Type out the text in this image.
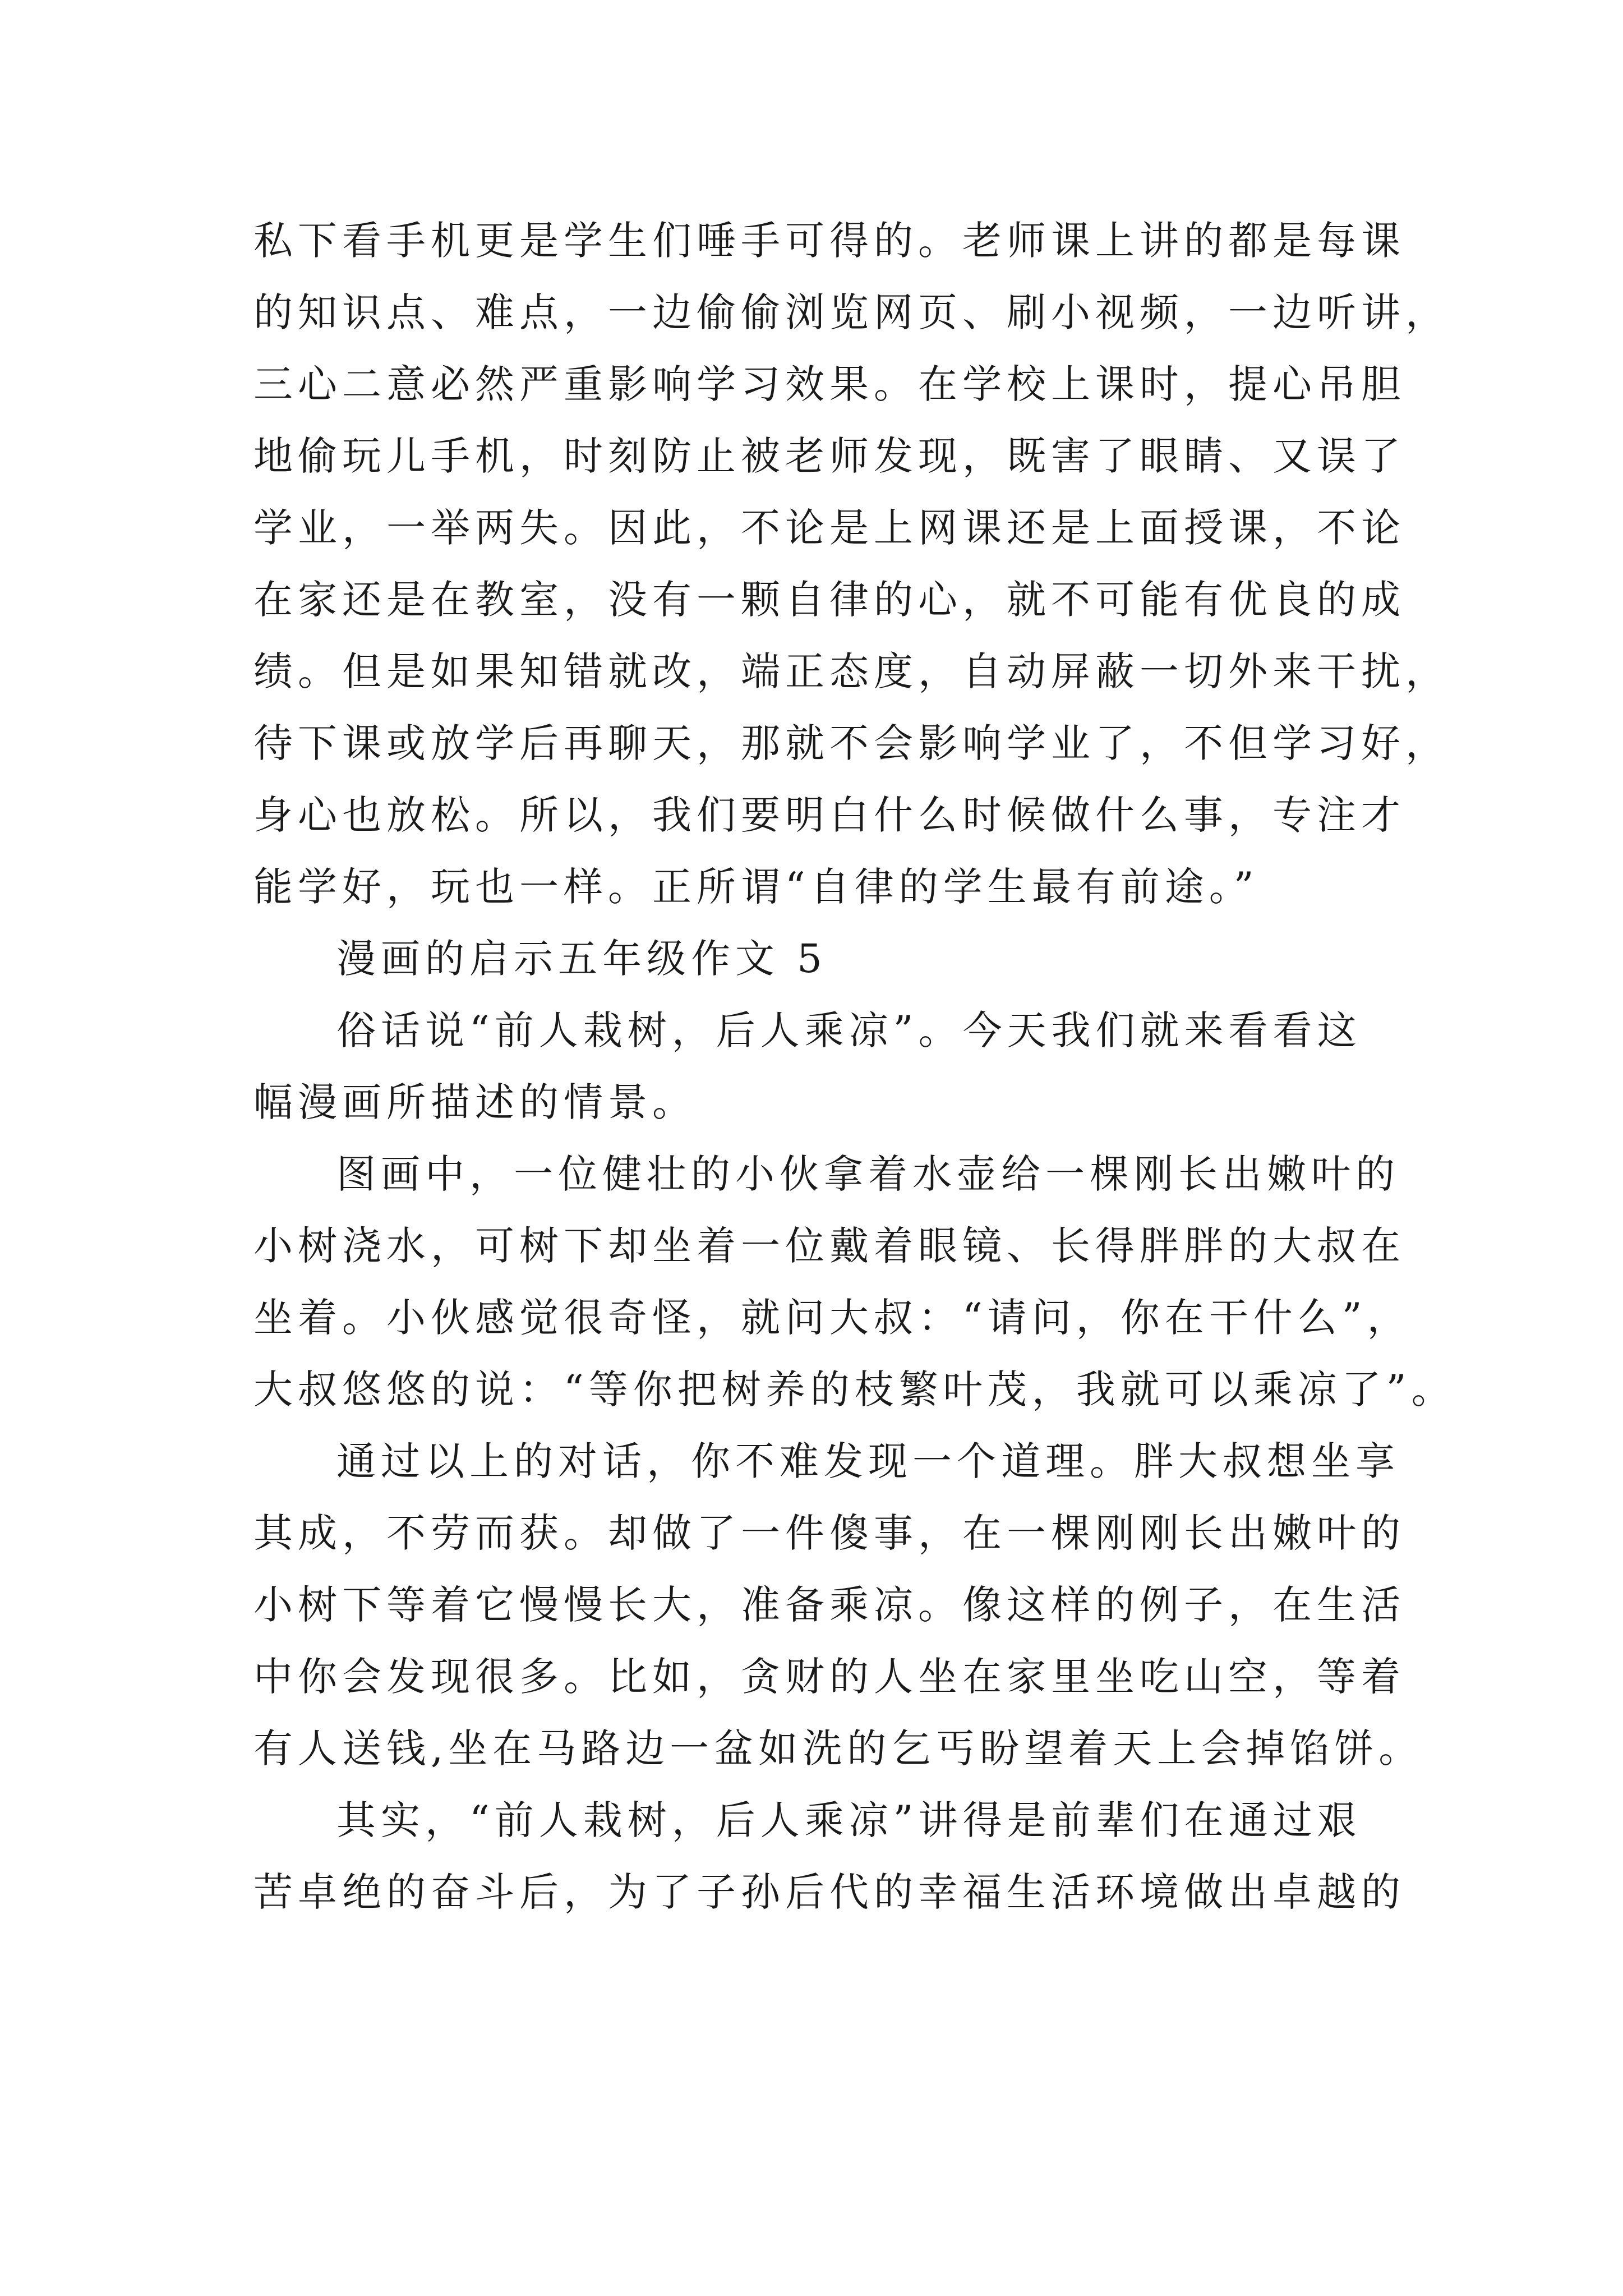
私下看手机更是学生们唾手可得的。老师课上讲的都是每课
的知识点、难点，一边偷偷浏览网页、刷小视频，一边听讲，
三心二意必然严重影响学习效果。在学校上课时，提心吊胆
地偷玩儿手机，时刻防止被老师发现，既害了眼睛、又误了
学业，一举两失。因此，不论是上网课还是上面授课，不论
在家还是在教室，没有一颗自律的心，就不可能有优良的成
绩。但是如果知错就改，端正态度，自动屏蔽一切外来干扰，
待下课或放学后再聊天，那就不会影响学业了，不但学习好，
身心也放松。所以，我们要明白什么时候做什么事，专注才
能学好，玩也一样。正所谓“自律的学生最有前途。”
漫画的启示五年级作文 5
俗话说“前人栽树，后人乘凉”。今天我们就来看看这
幅漫画所描述的情景。
图画中，一位健壮的小伙拿着水壶给一棵刚长出嫩叶的
小树浇水，可树下却坐着一位戴着眼镜、长得胖胖的大叔在
坐着。小伙感觉很奇怪，就问大叔：“请问，你在干什么”，
大叔悠悠的说：“等你把树养的枝繁叶茂，我就可以乘凉了”。
通过以上的对话，你不难发现一个道理。胖大叔想坐享
其成，不劳而获。却做了一件傻事，在一棵刚刚长出嫩叶的
小树下等着它慢慢长大，准备乘凉。像这样的例子，在生活
中你会发现很多。比如，贪财的人坐在家里坐吃山空，等着
有人送钱,坐在马路边一盆如洗的乞丐盼望着天上会掉馅饼。
其实，“前人栽树，后人乘凉”讲得是前辈们在通过艰
苦卓绝的奋斗后，为了子孙后代的幸福生活环境做出卓越的
